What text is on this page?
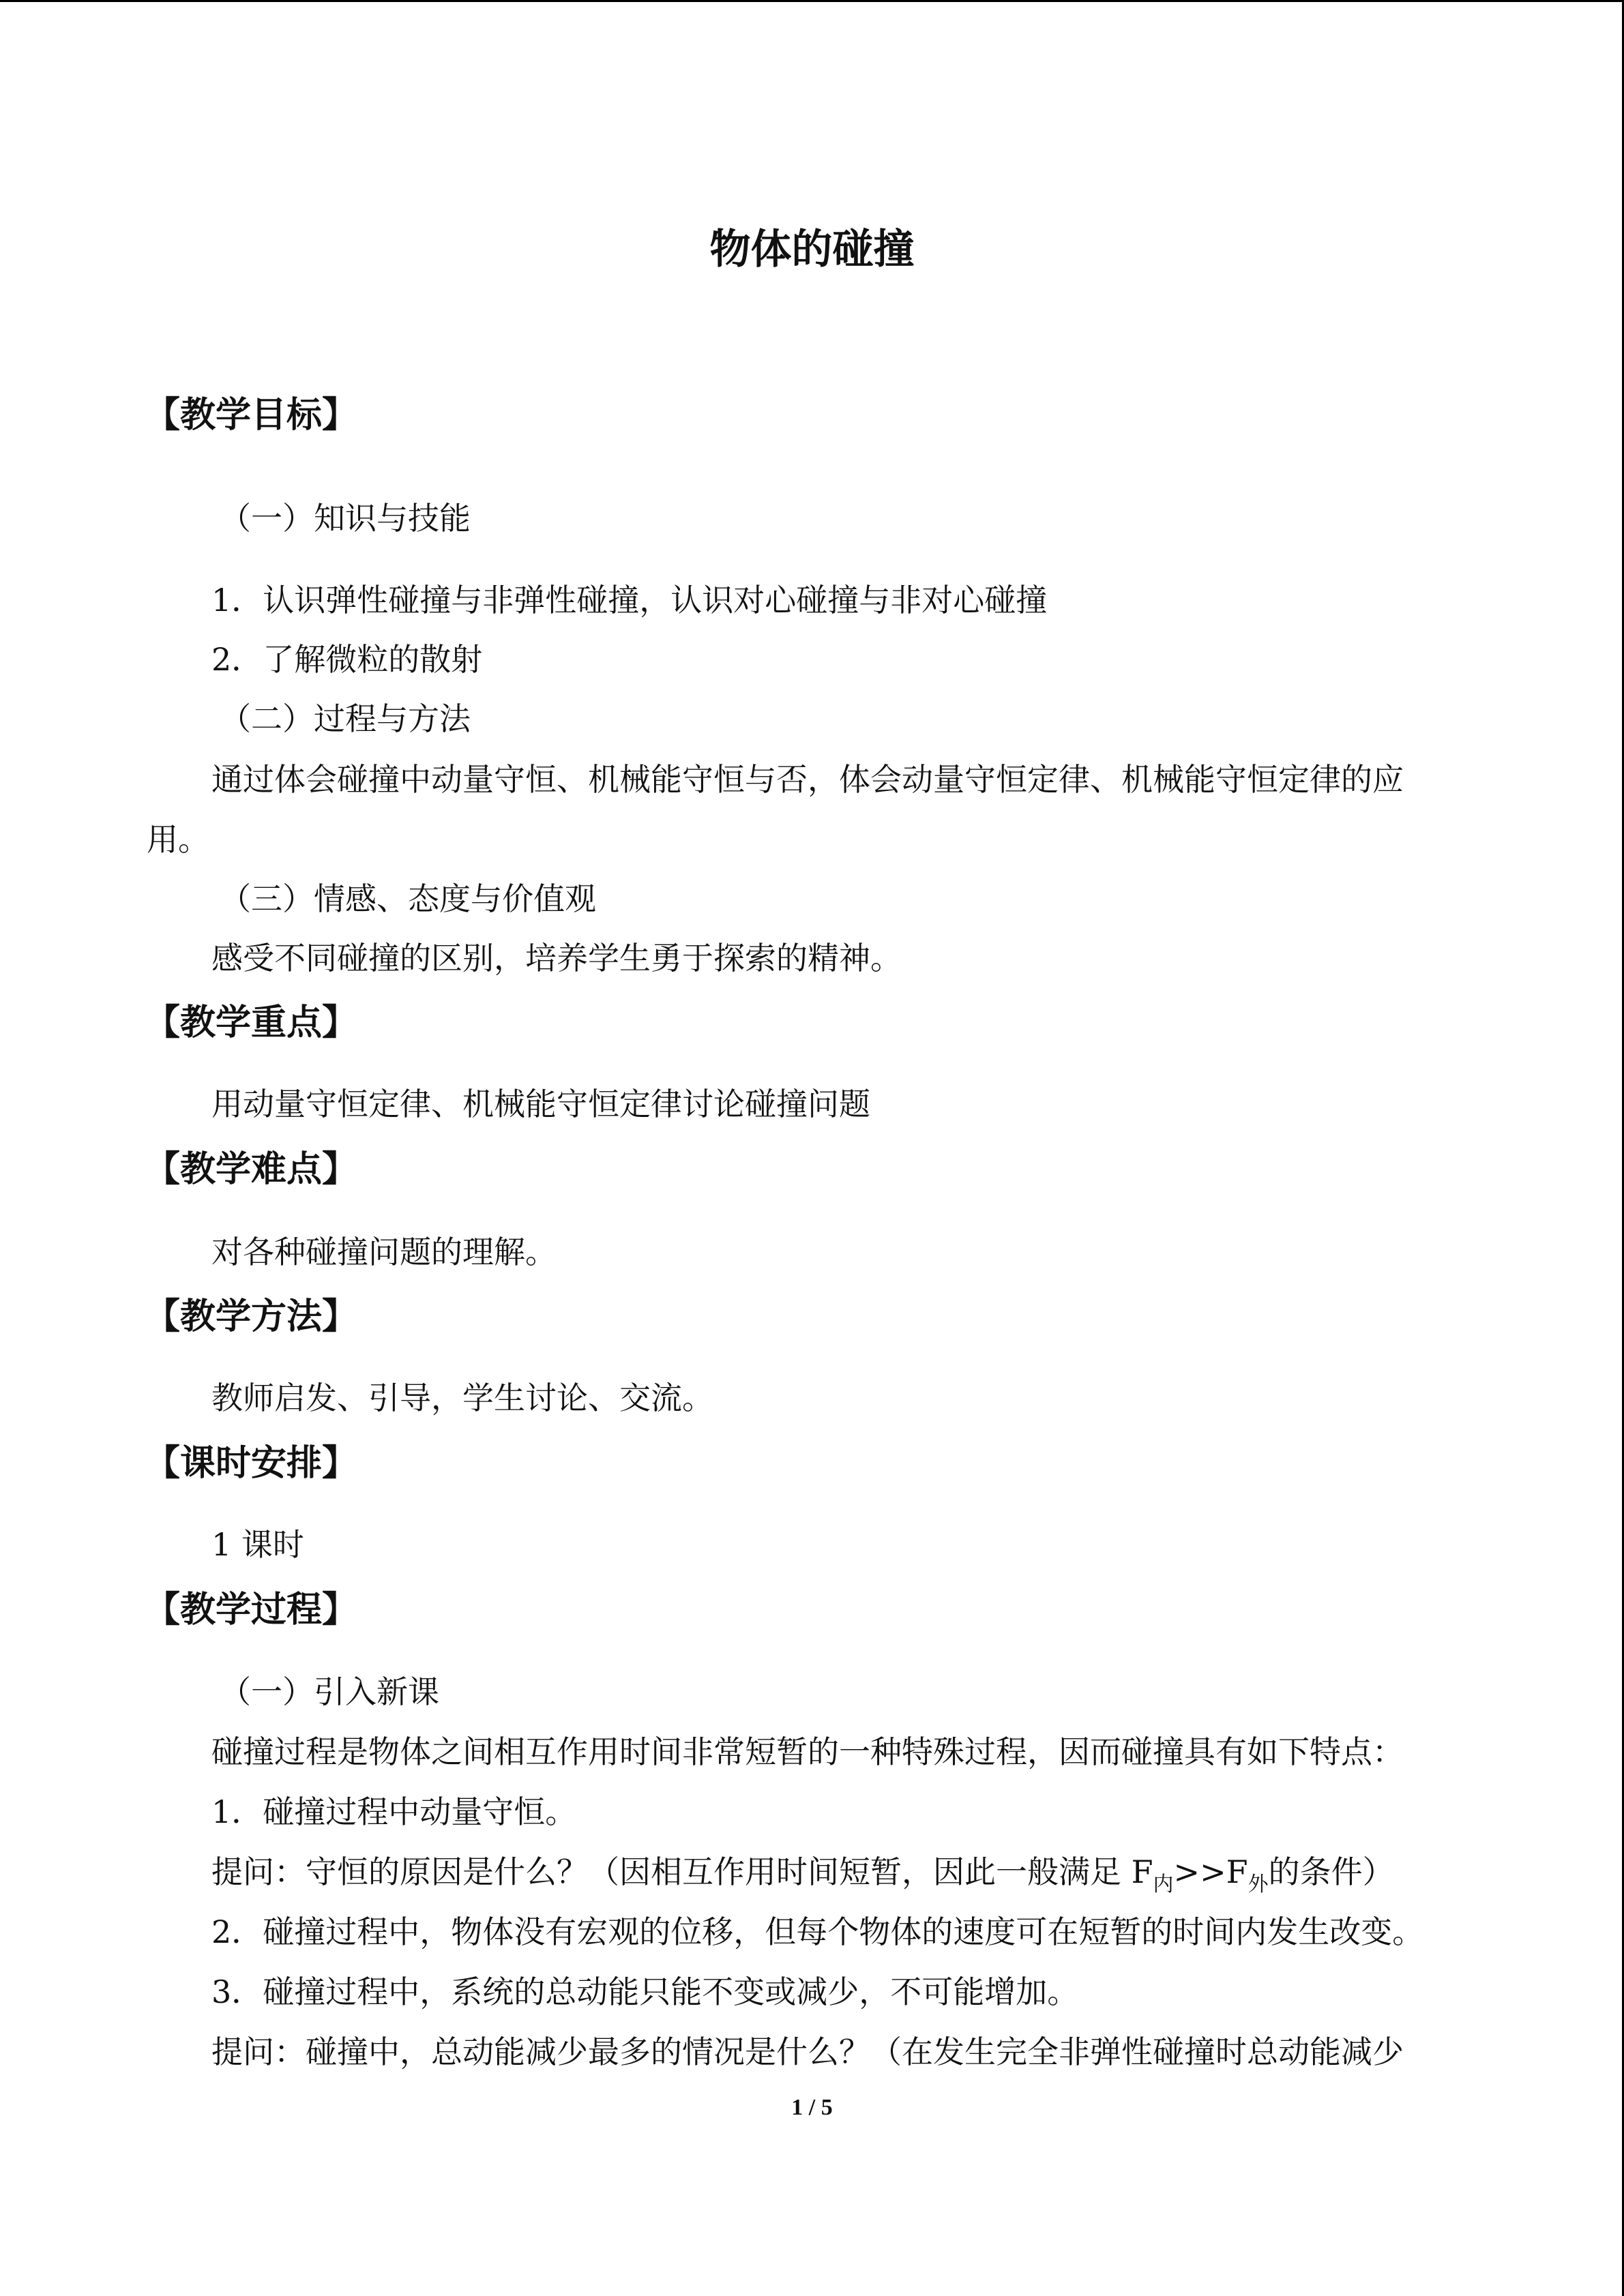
物体的碰撞
【教学目标】
（一）知识与技能
1．认识弹性碰撞与非弹性碰撞，认识对心碰撞与非对心碰撞
2．了解微粒的散射
（二）过程与方法
通过体会碰撞中动量守恒、机械能守恒与否，体会动量守恒定律、机械能守恒定律的应
用。
（三）情感、态度与价值观
感受不同碰撞的区别，培养学生勇于探索的精神。
【教学重点】
用动量守恒定律、机械能守恒定律讨论碰撞问题
【教学难点】
对各种碰撞问题的理解。
【教学方法】
教师启发、引导，学生讨论、交流。
【课时安排】
1 课时
【教学过程】
（一）引入新课
碰撞过程是物体之间相互作用时间非常短暂的一种特殊过程，因而碰撞具有如下特点：
1．碰撞过程中动量守恒。
提问：守恒的原因是什么？（因相互作用时间短暂，因此一般满足 $F_内>>F_外$的条件）
2．碰撞过程中，物体没有宏观的位移，但每个物体的速度可在短暂的时间内发生改变。
3．碰撞过程中，系统的总动能只能不变或减少，不可能增加。
提问：碰撞中，总动能减少最多的情况是什么？（在发生完全非弹性碰撞时总动能减少
1 / 5
